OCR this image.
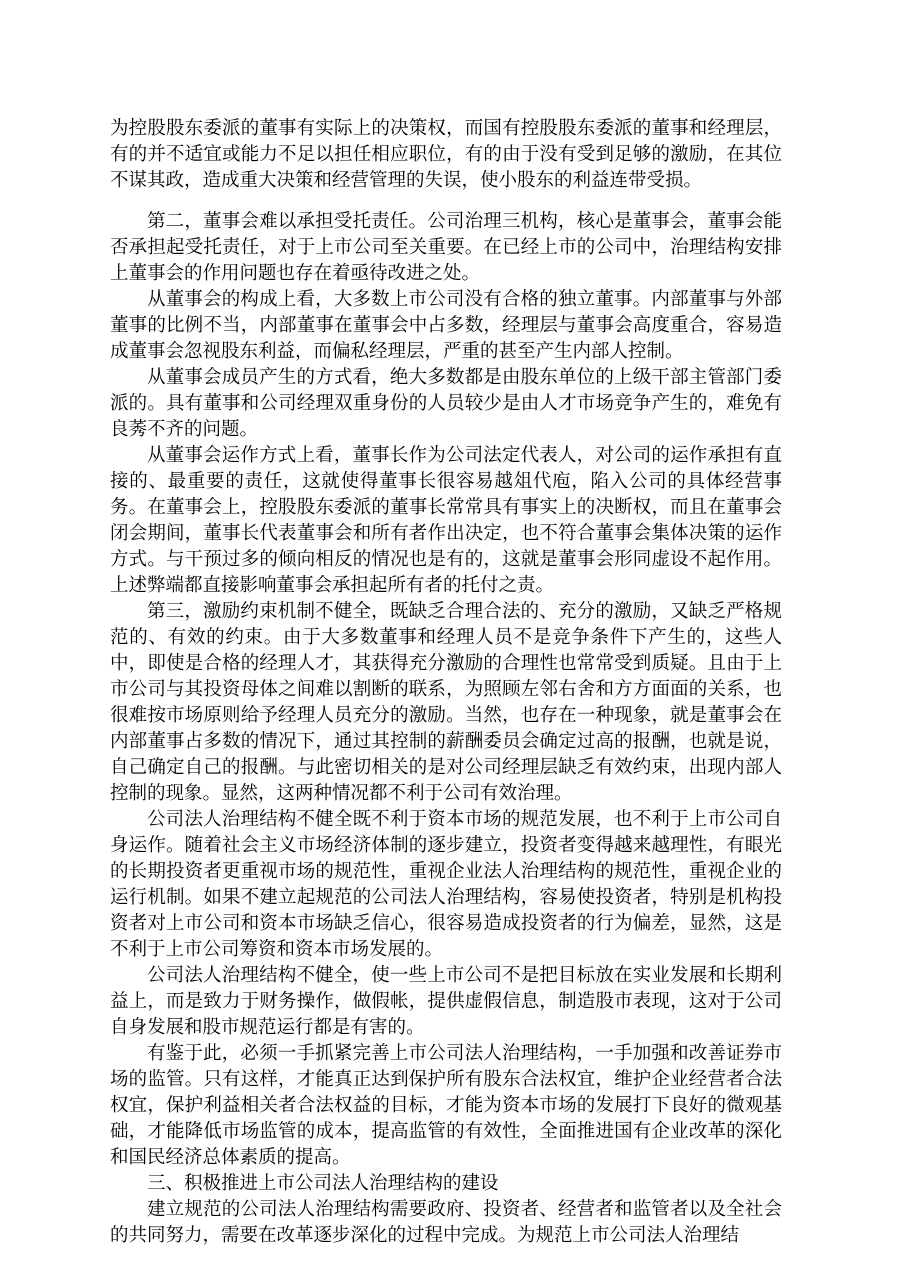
为控股股东委派的董事有实际上的决策权，而国有控股股东委派的董事和经理层，有的并不适宜或能力不足以担任相应职位，有的由于没有受到足够的激励，在其位不谋其政，造成重大决策和经营管理的失误，使小股东的利益连带受损。

第二，董事会难以承担受托责任。公司治理三机构，核心是董事会，董事会能否承担起受托责任，对于上市公司至关重要。在已经上市的公司中，治理结构安排上董事会的作用问题也存在着亟待改进之处。

从董事会的构成上看，大多数上市公司没有合格的独立董事。内部董事与外部董事的比例不当，内部董事在董事会中占多数，经理层与董事会高度重合，容易造成董事会忽视股东利益，而偏私经理层，严重的甚至产生内部人控制。

从董事会成员产生的方式看，绝大多数都是由股东单位的上级干部主管部门委派的。具有董事和公司经理双重身份的人员较少是由人才市场竞争产生的，难免有良莠不齐的问题。

从董事会运作方式上看，董事长作为公司法定代表人，对公司的运作承担有直接的、最重要的责任，这就使得董事长很容易越俎代庖，陷入公司的具体经营事务。在董事会上，控股股东委派的董事长常常具有事实上的决断权，而且在董事会闭会期间，董事长代表董事会和所有者作出决定，也不符合董事会集体决策的运作方式。与干预过多的倾向相反的情况也是有的，这就是董事会形同虚设不起作用。上述弊端都直接影响董事会承担起所有者的托付之责。

第三，激励约束机制不健全，既缺乏合理合法的、充分的激励，又缺乏严格规范的、有效的约束。由于大多数董事和经理人员不是竞争条件下产生的，这些人中，即使是合格的经理人才，其获得充分激励的合理性也常常受到质疑。且由于上市公司与其投资母体之间难以割断的联系，为照顾左邻右舍和方方面面的关系，也很难按市场原则给予经理人员充分的激励。当然，也存在一种现象，就是董事会在内部董事占多数的情况下，通过其控制的薪酬委员会确定过高的报酬，也就是说，自己确定自己的报酬。与此密切相关的是对公司经理层缺乏有效约束，出现内部人控制的现象。显然，这两种情况都不利于公司有效治理。

公司法人治理结构不健全既不利于资本市场的规范发展，也不利于上市公司自身运作。随着社会主义市场经济体制的逐步建立，投资者变得越来越理性，有眼光的长期投资者更重视市场的规范性，重视企业法人治理结构的规范性，重视企业的运行机制。如果不建立起规范的公司法人治理结构，容易使投资者，特别是机构投资者对上市公司和资本市场缺乏信心，很容易造成投资者的行为偏差，显然，这是不利于上市公司筹资和资本市场发展的。

公司法人治理结构不健全，使一些上市公司不是把目标放在实业发展和长期利益上，而是致力于财务操作，做假帐，提供虚假信息，制造股市表现，这对于公司自身发展和股市规范运行都是有害的。

有鉴于此，必须一手抓紧完善上市公司法人治理结构，一手加强和改善证券市场的监管。只有这样，才能真正达到保护所有股东合法权宜，维护企业经营者合法权宜，保护利益相关者合法权益的目标，才能为资本市场的发展打下良好的微观基础，才能降低市场监管的成本，提高监管的有效性，全面推进国有企业改革的深化和国民经济总体素质的提高。

三、积极推进上市公司法人治理结构的建设

建立规范的公司法人治理结构需要政府、投资者、经营者和监管者以及全社会的共同努力，需要在改革逐步深化的过程中完成。为规范上市公司法人治理结
